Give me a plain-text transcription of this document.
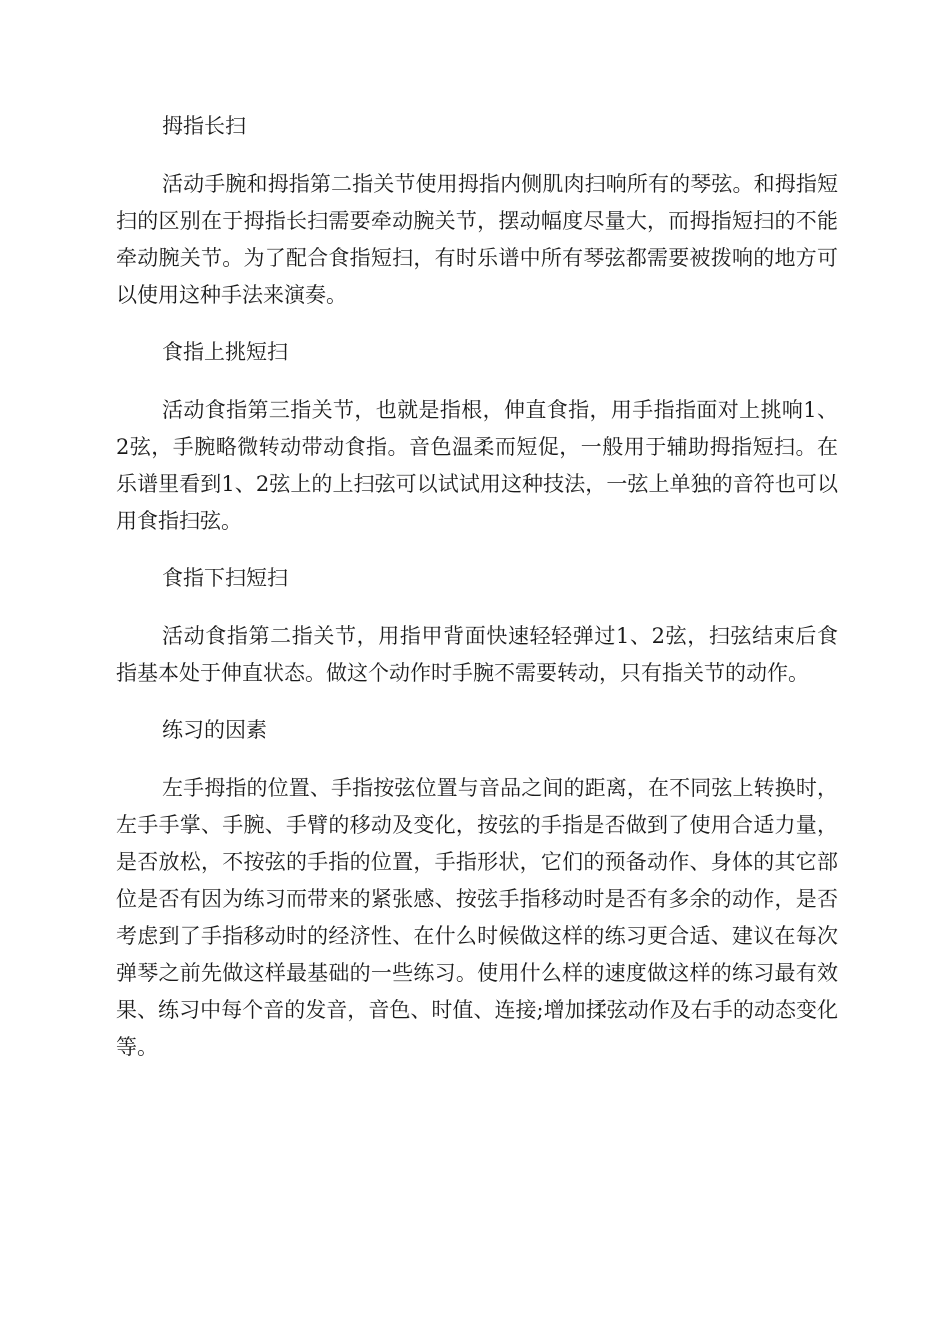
拇指长扫

活动手腕和拇指第二指关节使用拇指内侧肌肉扫响所有的琴弦。和拇指短扫的区别在于拇指长扫需要牵动腕关节，摆动幅度尽量大，而拇指短扫的不能牵动腕关节。为了配合食指短扫，有时乐谱中所有琴弦都需要被拨响的地方可以使用这种手法来演奏。

食指上挑短扫

活动食指第三指关节，也就是指根，伸直食指，用手指指面对上挑响1、2弦，手腕略微转动带动食指。音色温柔而短促，一般用于辅助拇指短扫。在乐谱里看到1、2弦上的上扫弦可以试试用这种技法，一弦上单独的音符也可以用食指扫弦。

食指下扫短扫

活动食指第二指关节，用指甲背面快速轻轻弹过1、2弦，扫弦结束后食指基本处于伸直状态。做这个动作时手腕不需要转动，只有指关节的动作。

练习的因素

左手拇指的位置、手指按弦位置与音品之间的距离，在不同弦上转换时，左手手掌、手腕、手臂的移动及变化，按弦的手指是否做到了使用合适力量，是否放松，不按弦的手指的位置，手指形状，它们的预备动作、身体的其它部位是否有因为练习而带来的紧张感、按弦手指移动时是否有多余的动作，是否考虑到了手指移动时的经济性、在什么时候做这样的练习更合适、建议在每次弹琴之前先做这样最基础的一些练习。使用什么样的速度做这样的练习最有效果、练习中每个音的发音，音色、时值、连接;增加揉弦动作及右手的动态变化等。
